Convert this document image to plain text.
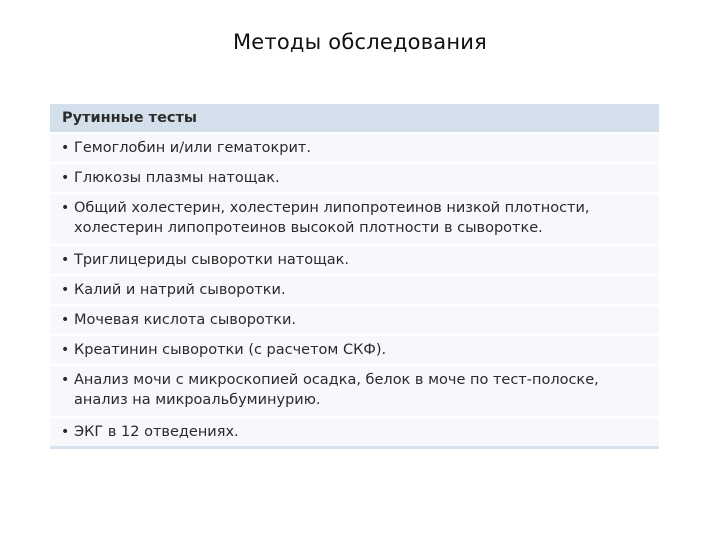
Методы обследования
Рутинные тесты
• Гемоглобин и/или гематокрит.
• Глюкозы плазмы натощак.
• Общий холестерин, холестерин липопротеинов низкой плотности,
холестерин липопротеинов высокой плотности в сыворотке.
• Триглицериды сыворотки натощак.
• Калий и натрий сыворотки.
• Мочевая кислота сыворотки.
• Креатинин сыворотки (с расчетом СКФ).
• Анализ мочи с микроскопией осадка, белок в моче по тест-полоске,
анализ на микроальбуминурию.
• ЭКГ в 12 отведениях.
